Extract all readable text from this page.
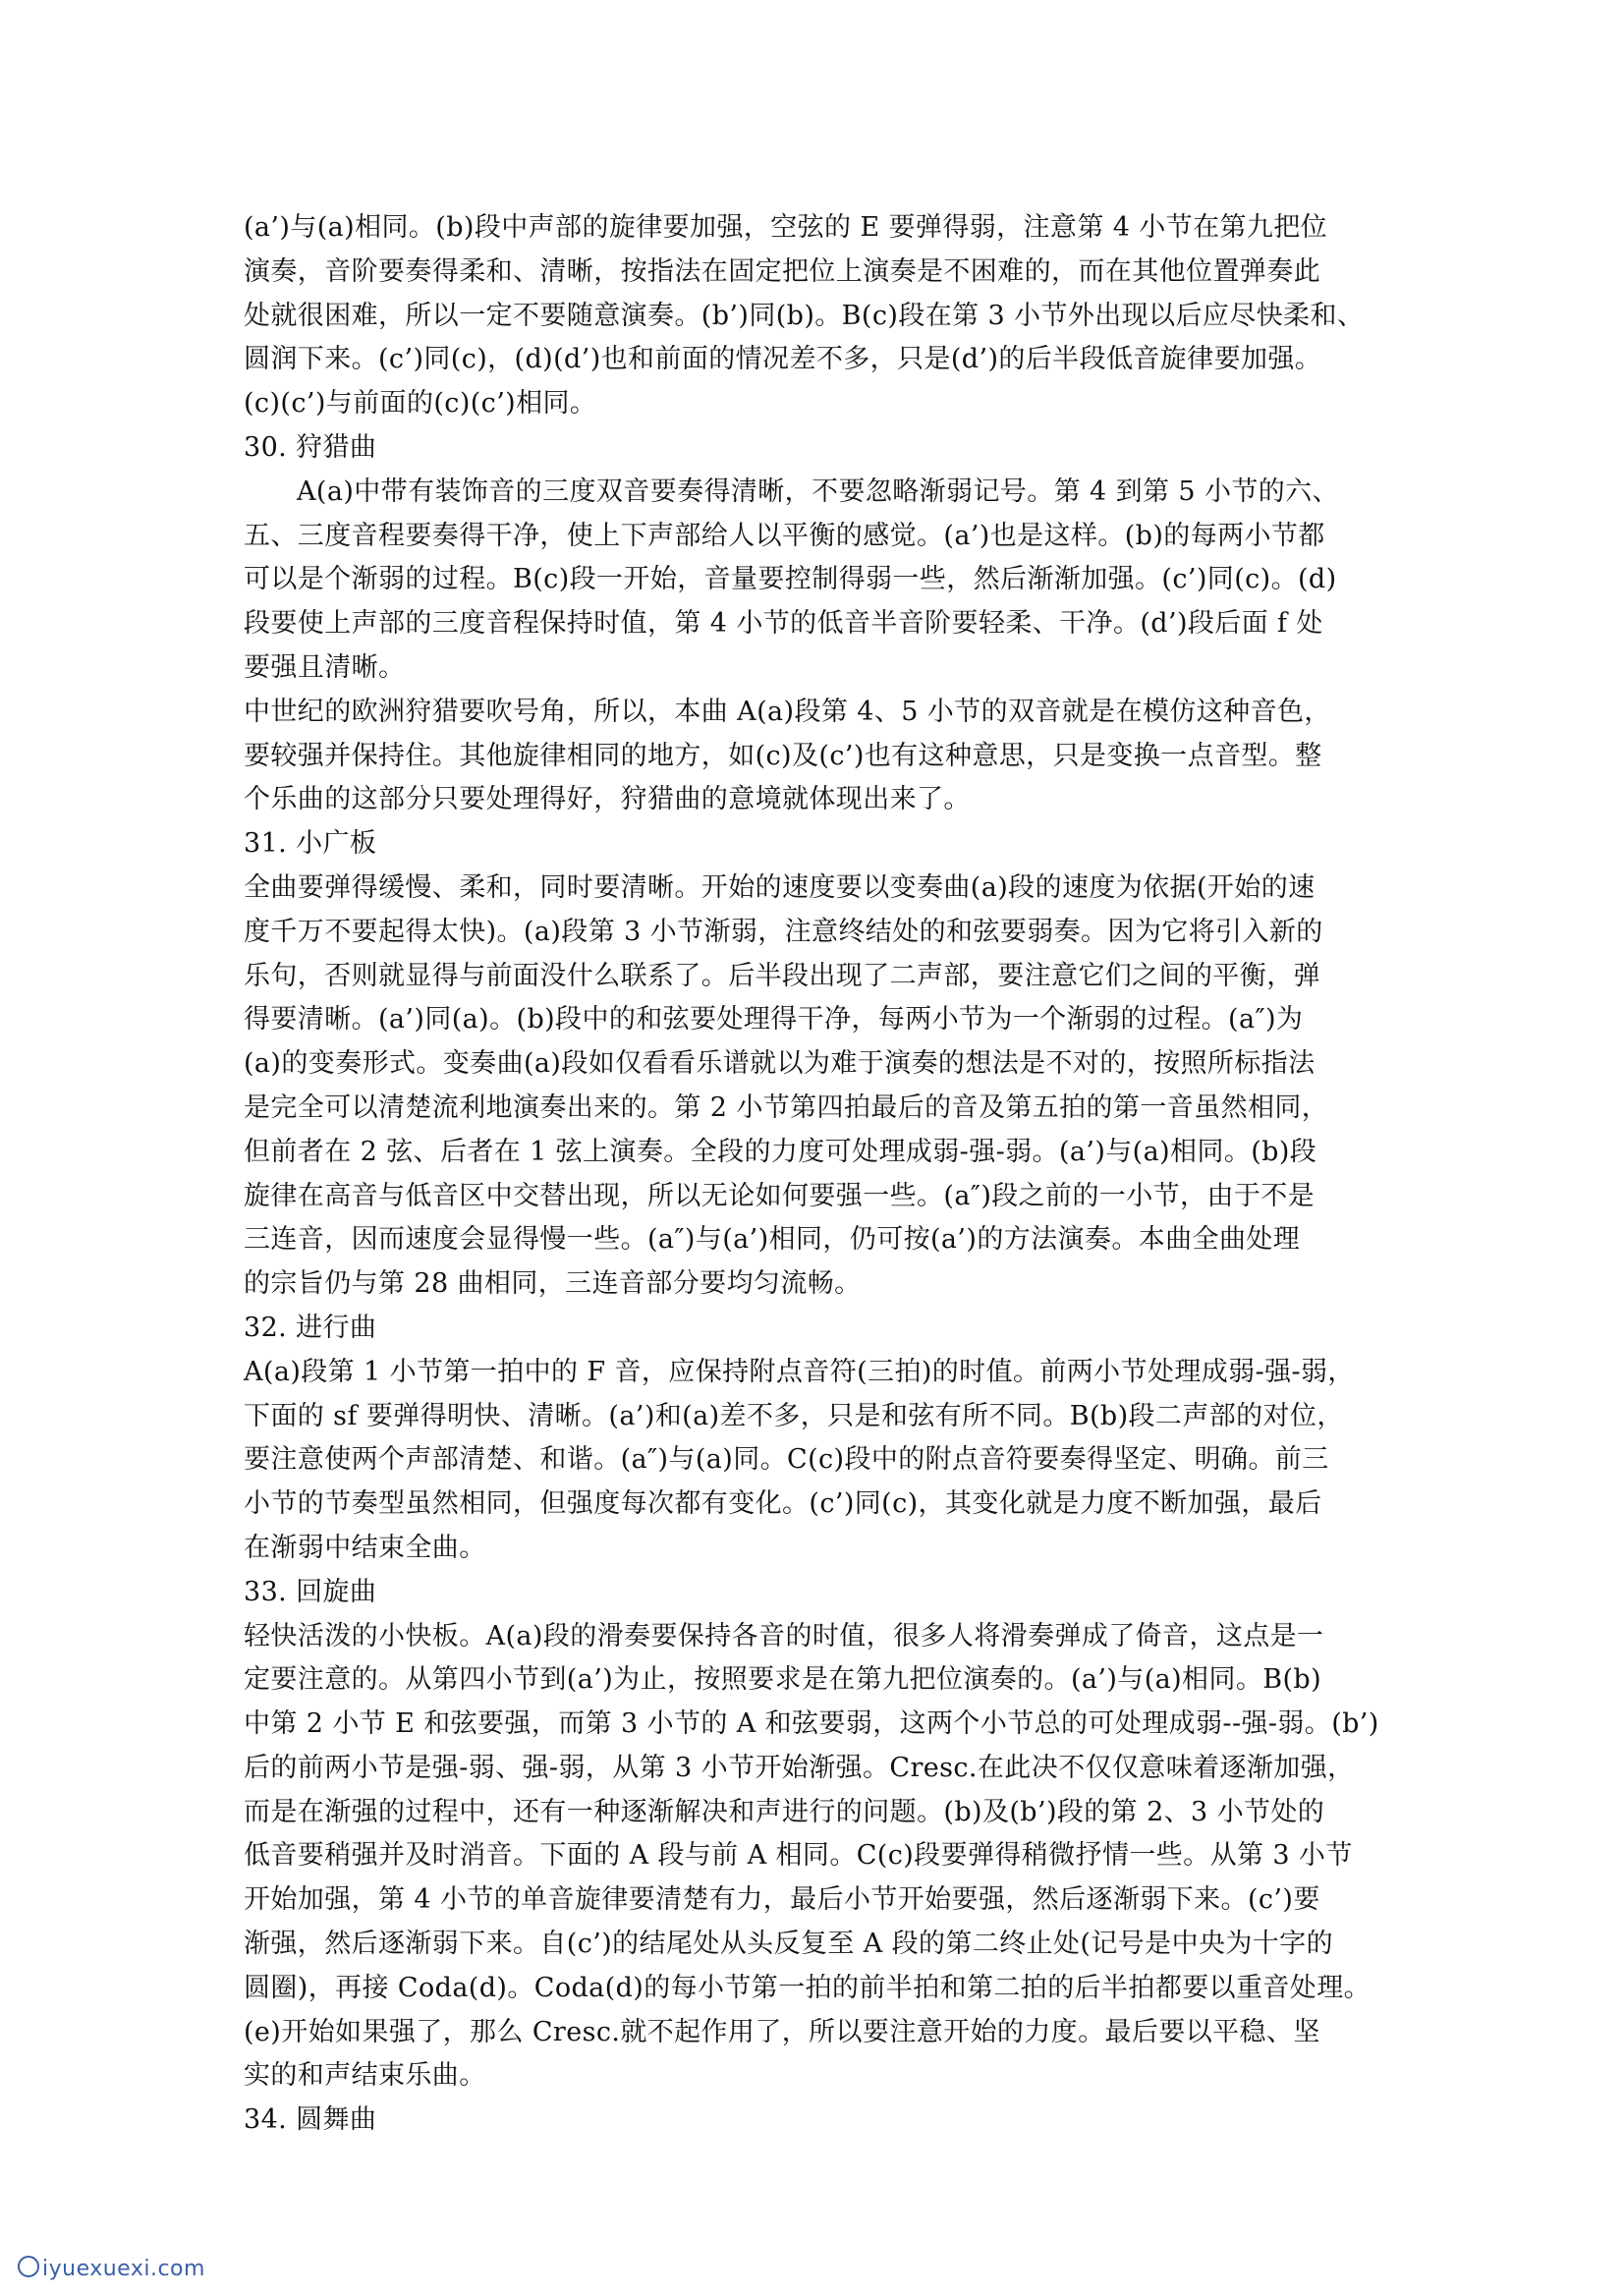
(a’)与(a)相同。(b)段中声部的旋律要加强，空弦的 E 要弹得弱，注意第 4 小节在第九把位
演奏，音阶要奏得柔和、清晰，按指法在固定把位上演奏是不困难的，而在其他位置弹奏此
处就很困难，所以一定不要随意演奏。(b’)同(b)。B(c)段在第 3 小节外出现以后应尽快柔和、
圆润下来。(c’)同(c)，(d)(d’)也和前面的情况差不多，只是(d’)的后半段低音旋律要加强。
(c)(c’)与前面的(c)(c’)相同。
30. 狩猎曲
A(a)中带有装饰音的三度双音要奏得清晰，不要忽略渐弱记号。第 4 到第 5 小节的六、
五、三度音程要奏得干净，使上下声部给人以平衡的感觉。(a’)也是这样。(b)的每两小节都
可以是个渐弱的过程。B(c)段一开始，音量要控制得弱一些，然后渐渐加强。(c’)同(c)。(d)
段要使上声部的三度音程保持时值，第 4 小节的低音半音阶要轻柔、干净。(d’)段后面 f 处
要强且清晰。
中世纪的欧洲狩猎要吹号角，所以，本曲 A(a)段第 4、5 小节的双音就是在模仿这种音色，
要较强并保持住。其他旋律相同的地方，如(c)及(c’)也有这种意思，只是变换一点音型。整
个乐曲的这部分只要处理得好，狩猎曲的意境就体现出来了。
31. 小广板
全曲要弹得缓慢、柔和，同时要清晰。开始的速度要以变奏曲(a)段的速度为依据(开始的速
度千万不要起得太快)。(a)段第 3 小节渐弱，注意终结处的和弦要弱奏。因为它将引入新的
乐句，否则就显得与前面没什么联系了。后半段出现了二声部，要注意它们之间的平衡，弹
得要清晰。(a’)同(a)。(b)段中的和弦要处理得干净，每两小节为一个渐弱的过程。(a″)为
(a)的变奏形式。变奏曲(a)段如仅看看乐谱就以为难于演奏的想法是不对的，按照所标指法
是完全可以清楚流利地演奏出来的。第 2 小节第四拍最后的音及第五拍的第一音虽然相同，
但前者在 2 弦、后者在 1 弦上演奏。全段的力度可处理成弱-强-弱。(a’)与(a)相同。(b)段
旋律在高音与低音区中交替出现，所以无论如何要强一些。(a″)段之前的一小节，由于不是
三连音，因而速度会显得慢一些。(a″)与(a’)相同，仍可按(a’)的方法演奏。本曲全曲处理
的宗旨仍与第 28 曲相同，三连音部分要均匀流畅。
32. 进行曲
A(a)段第 1 小节第一拍中的 F 音，应保持附点音符(三拍)的时值。前两小节处理成弱-强-弱，
下面的 sf 要弹得明快、清晰。(a’)和(a)差不多，只是和弦有所不同。B(b)段二声部的对位，
要注意使两个声部清楚、和谐。(a″)与(a)同。C(c)段中的附点音符要奏得坚定、明确。前三
小节的节奏型虽然相同，但强度每次都有变化。(c’)同(c)，其变化就是力度不断加强，最后
在渐弱中结束全曲。
33. 回旋曲
轻快活泼的小快板。A(a)段的滑奏要保持各音的时值，很多人将滑奏弹成了倚音，这点是一
定要注意的。从第四小节到(a’)为止，按照要求是在第九把位演奏的。(a’)与(a)相同。B(b)
中第 2 小节 E 和弦要强，而第 3 小节的 A 和弦要弱，这两个小节总的可处理成弱--强-弱。(b’)
后的前两小节是强-弱、强-弱，从第 3 小节开始渐强。Cresc.在此决不仅仅意味着逐渐加强，
而是在渐强的过程中，还有一种逐渐解决和声进行的问题。(b)及(b’)段的第 2、3 小节处的
低音要稍强并及时消音。下面的 A 段与前 A 相同。C(c)段要弹得稍微抒情一些。从第 3 小节
开始加强，第 4 小节的单音旋律要清楚有力，最后小节开始要强，然后逐渐弱下来。(c’)要
渐强，然后逐渐弱下来。自(c’)的结尾处从头反复至 A 段的第二终止处(记号是中央为十字的
圆圈)，再接 Coda(d)。Coda(d)的每小节第一拍的前半拍和第二拍的后半拍都要以重音处理。
(e)开始如果强了，那么 Cresc.就不起作用了，所以要注意开始的力度。最后要以平稳、坚
实的和声结束乐曲。
34. 圆舞曲
iyuexuexi.com
